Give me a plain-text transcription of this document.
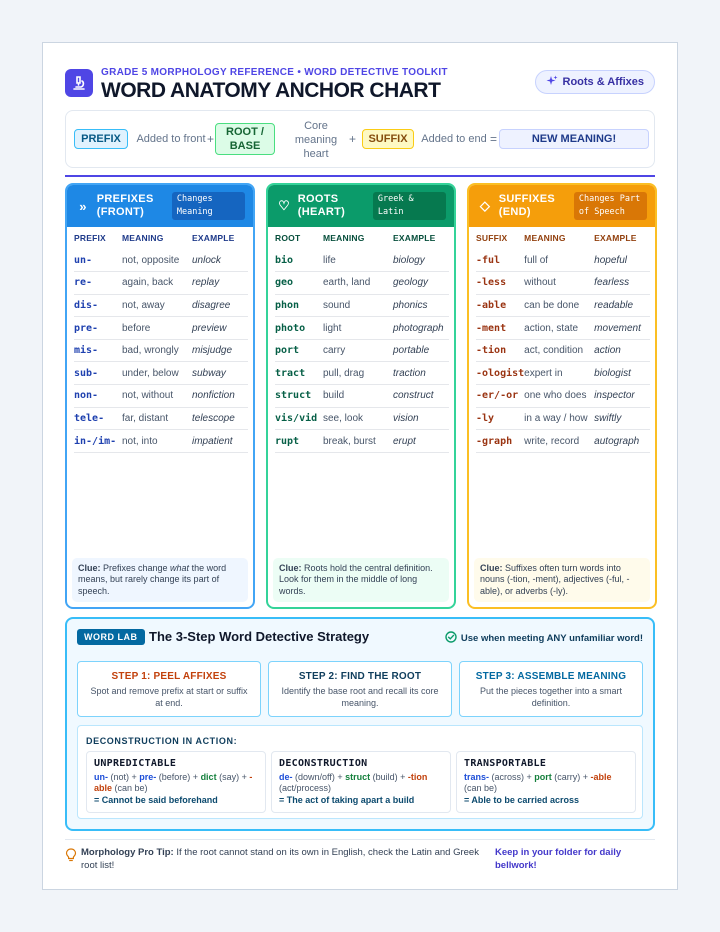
GRADE 5 MORPHOLOGY REFERENCE • WORD DETECTIVE TOOLKIT
WORD ANATOMY ANCHOR CHART	Roots & Affixes
PREFIX	Added to front + ROOT /
BASE
Core
meaning
heart
+	SUFFIX	Added to end =	NEW MEANING!
» PREFIXES
(FRONT)
Changes Meaning
PREFIX	MEANING	EXAMPLE
un-	not, opposite	unlock
re-	again, back	replay
dis-	not, away	disagree
pre-	before	preview
mis-	bad, wrongly	misjudge
sub-	under, below	subway
non-	not, without	nonfiction
tele-	far, distant	telescope
in-/im-	not, into	impatient
Clue: Prefixes change what the word means, but rarely change its part of speech.
♡ ROOTS
(HEART)
Greek & Latin
ROOT	MEANING	EXAMPLE
bio	life	biology
geo	earth, land	geology
phon	sound	phonics
photo	light	photograph
port	carry	portable
tract	pull, drag	traction
struct	build	construct
vis/vid	see, look	vision
rupt	break, burst	erupt
Clue: Roots hold the central definition. Look for them in the middle of long words.
◇ SUFFIXES
(END)
Changes Part of Speech
SUFFIX	MEANING	EXAMPLE
-ful	full of	hopeful
-less	without	fearless
-able	can be done	readable
-ment	action, state	movement
-tion	act, condition	action
-ologist	expert in	biologist
-er/-or	one who does	inspector
-ly	in a way / how	swiftly
-graph	write, record	autograph
Clue: Suffixes often turn words into nouns (-tion, -ment), adjectives (-ful, -able), or adverbs (-ly).
WORD LAB The 3-Step Word Detective Strategy	Use when meeting ANY unfamiliar word!
STEP 1: PEEL AFFIXES
Spot and remove prefix at start or suffix at end.
STEP 2: FIND THE ROOT
Identify the base root and recall its core meaning.
STEP 3: ASSEMBLE MEANING
Put the pieces together into a smart definition.
DECONSTRUCTION IN ACTION:
UNPREDICTABLE
un- (not) + pre- (before) + dict (say) + -able (can be)
= Cannot be said beforehand
DECONSTRUCTION
de- (down/off) + struct (build) + -tion (act/process)
= The act of taking apart a build
TRANSPORTABLE
trans- (across) + port (carry) + -able (can be)
= Able to be carried across
Morphology Pro Tip: If the root cannot stand on its own in English, check the Latin and Greek root list!
Keep in your folder for daily bellwork!
